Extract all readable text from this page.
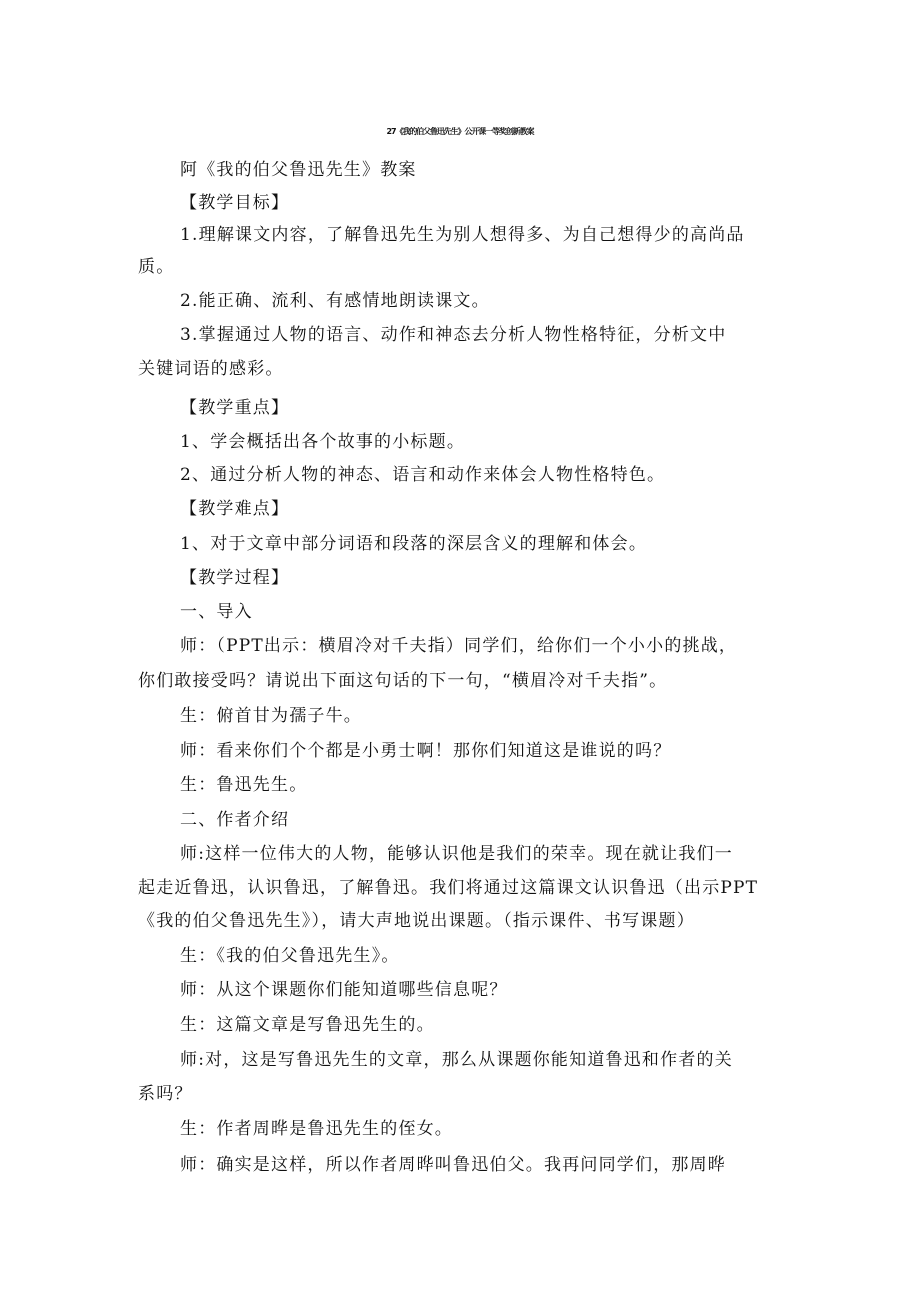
27《我的伯父鲁迅先生》公开课一等奖创新教案
阿《我的伯父鲁迅先生》教案
【教学目标】
1.理解课文内容，了解鲁迅先生为别人想得多、为自己想得少的高尚品
质。
2.能正确、流利、有感情地朗读课文。
3.掌握通过人物的语言、动作和神态去分析人物性格特征，分析文中
关键词语的感彩。
【教学重点】
1、学会概括出各个故事的小标题。
2、通过分析人物的神态、语言和动作来体会人物性格特色。
【教学难点】
1、对于文章中部分词语和段落的深层含义的理解和体会。
【教学过程】
一、导入
师：（PPT出示：横眉冷对千夫指）同学们，给你们一个小小的挑战，
你们敢接受吗？请说出下面这句话的下一句，“横眉冷对千夫指”。
生：俯首甘为孺子牛。
师：看来你们个个都是小勇士啊！那你们知道这是谁说的吗？
生：鲁迅先生。
二、作者介绍
师:这样一位伟大的人物，能够认识他是我们的荣幸。现在就让我们一
起走近鲁迅，认识鲁迅，了解鲁迅。我们将通过这篇课文认识鲁迅（出示PPT
《我的伯父鲁迅先生》），请大声地说出课题。（指示课件、书写课题）
生：《我的伯父鲁迅先生》。
师：从这个课题你们能知道哪些信息呢？
生：这篇文章是写鲁迅先生的。
师:对，这是写鲁迅先生的文章，那么从课题你能知道鲁迅和作者的关
系吗？
生：作者周晔是鲁迅先生的侄女。
师：确实是这样，所以作者周晔叫鲁迅伯父。我再问同学们，那周晔
